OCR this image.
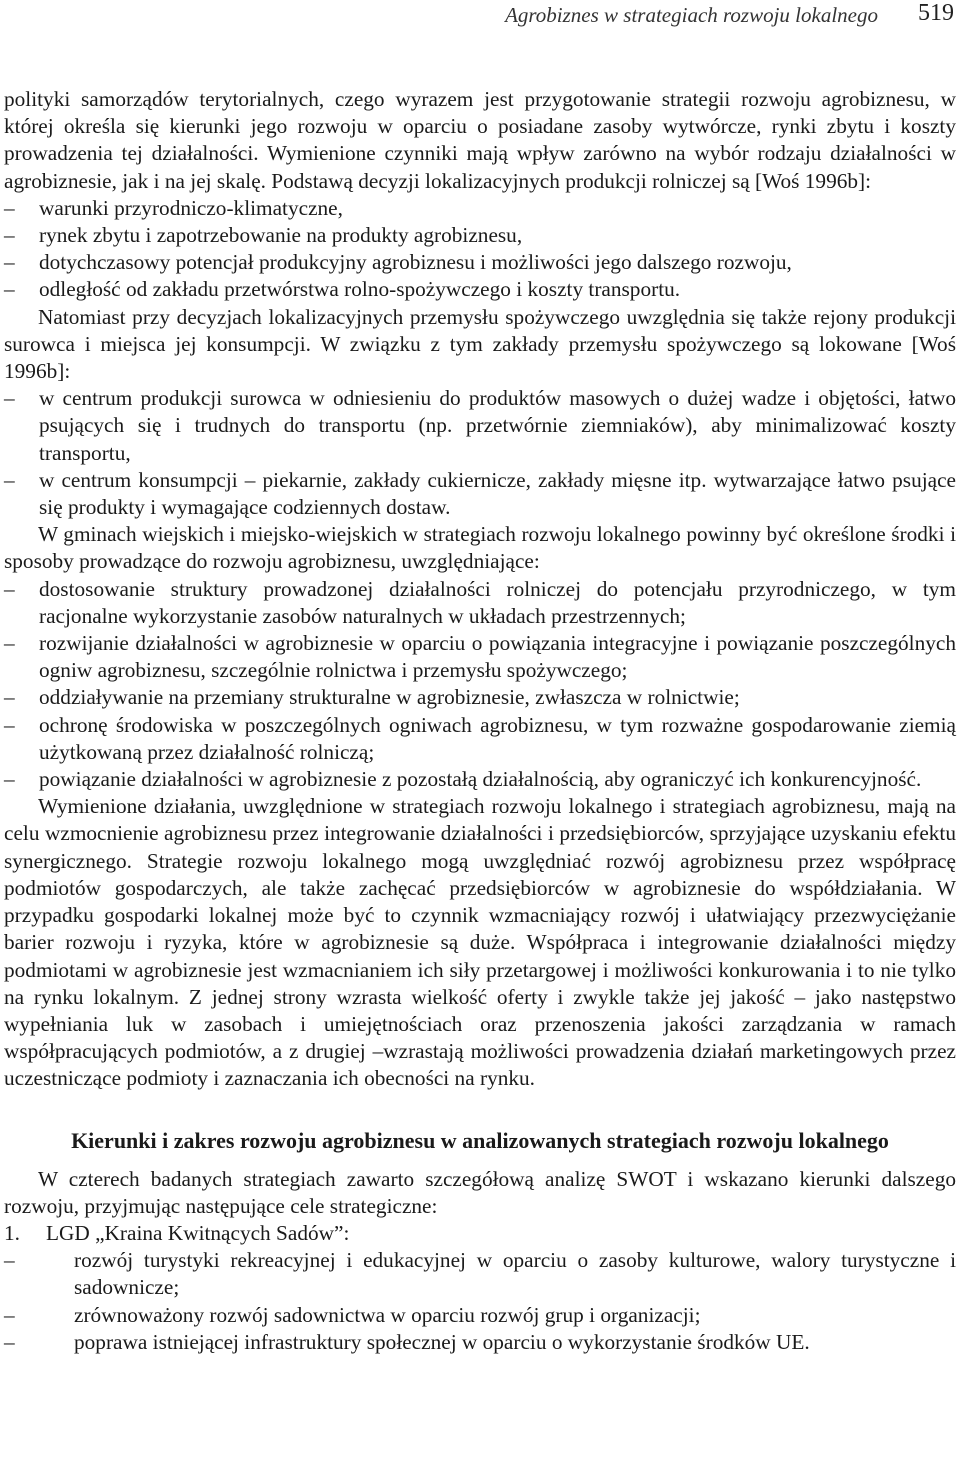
Agrobiznes w strategiach rozwoju lokalnego 519

polityki samorządów terytorialnych, czego wyrazem jest przygotowanie strategii rozwoju agrobiznesu, w której określa się kierunki jego rozwoju w oparciu o posiadane zasoby wytwórcze, rynki zbytu i koszty prowadzenia tej działalności. Wymienione czynniki mają wpływ zarówno na wybór rodzaju działalności w agrobiznesie, jak i na jej skalę. Podstawą decyzji lokalizacyjnych produkcji rolniczej są [Woś 1996b]:

– warunki przyrodniczo-klimatyczne,
– rynek zbytu i zapotrzebowanie na produkty agrobiznesu,
– dotychczasowy potencjał produkcyjny agrobiznesu i możliwości jego dalszego rozwoju,
– odległość od zakładu przetwórstwa rolno-spożywczego i koszty transportu.

Natomiast przy decyzjach lokalizacyjnych przemysłu spożywczego uwzględnia się także rejony produkcji surowca i miejsca jej konsumpcji. W związku z tym zakłady przemysłu spożywczego są lokowane [Woś 1996b]:

– w centrum produkcji surowca w odniesieniu do produktów masowych o dużej wadze i objętości, łatwo psujących się i trudnych do transportu (np. przetwórnie ziemniaków), aby minimalizować koszty transportu,
– w centrum konsumpcji – piekarnie, zakłady cukiernicze, zakłady mięsne itp. wytwarzające łatwo psujące się produkty i wymagające codziennych dostaw.

W gminach wiejskich i miejsko-wiejskich w strategiach rozwoju lokalnego powinny być określone środki i sposoby prowadzące do rozwoju agrobiznesu, uwzględniające:

– dostosowanie struktury prowadzonej działalności rolniczej do potencjału przyrodniczego, w tym racjonalne wykorzystanie zasobów naturalnych w układach przestrzennych;
– rozwijanie działalności w agrobiznesie w oparciu o powiązania integracyjne i powiązanie poszczególnych ogniw agrobiznesu, szczególnie rolnictwa i przemysłu spożywczego;
– oddziaływanie na przemiany strukturalne w agrobiznesie, zwłaszcza w rolnictwie;
– ochronę środowiska w poszczególnych ogniwach agrobiznesu, w tym rozważne gospodarowanie ziemią użytkowaną przez działalność rolniczą;
– powiązanie działalności w agrobiznesie z pozostałą działalnością, aby ograniczyć ich konkurencyjność.

Wymienione działania, uwzględnione w strategiach rozwoju lokalnego i strategiach agrobiznesu, mają na celu wzmocnienie agrobiznesu przez integrowanie działalności i przedsiębiorców, sprzyjające uzyskaniu efektu synergicznego. Strategie rozwoju lokalnego mogą uwzględniać rozwój agrobiznesu przez współpracę podmiotów gospodarczych, ale także zachęcać przedsiębiorców w agrobiznesie do współdziałania. W przypadku gospodarki lokalnej może być to czynnik wzmacniający rozwój i ułatwiający przezwyciężanie barier rozwoju i ryzyka, które w agrobiznesie są duże. Współpraca i integrowanie działalności między podmiotami w agrobiznesie jest wzmacnianiem ich siły przetargowej i możliwości konkurowania i to nie tylko na rynku lokalnym. Z jednej strony wzrasta wielkość oferty i zwykle także jej jakość – jako następstwo wypełniania luk w zasobach i umiejętnościach oraz przenoszenia jakości zarządzania w ramach współpracujących podmiotów, a z drugiej –wzrastają możliwości prowadzenia działań marketingowych przez uczestniczące podmioty i zaznaczania ich obecności na rynku.

Kierunki i zakres rozwoju agrobiznesu w analizowanych strategiach rozwoju lokalnego

W czterech badanych strategiach zawarto szczegółową analizę SWOT i wskazano kierunki dalszego rozwoju, przyjmując następujące cele strategiczne:

1. LGD „Kraina Kwitnących Sadów”:
– rozwój turystyki rekreacyjnej i edukacyjnej w oparciu o zasoby kulturowe, walory turystyczne i sadownicze;
– zrównoważony rozwój sadownictwa w oparciu rozwój grup i organizacji;
– poprawa istniejącej infrastruktury społecznej w oparciu o wykorzystanie środków UE.
